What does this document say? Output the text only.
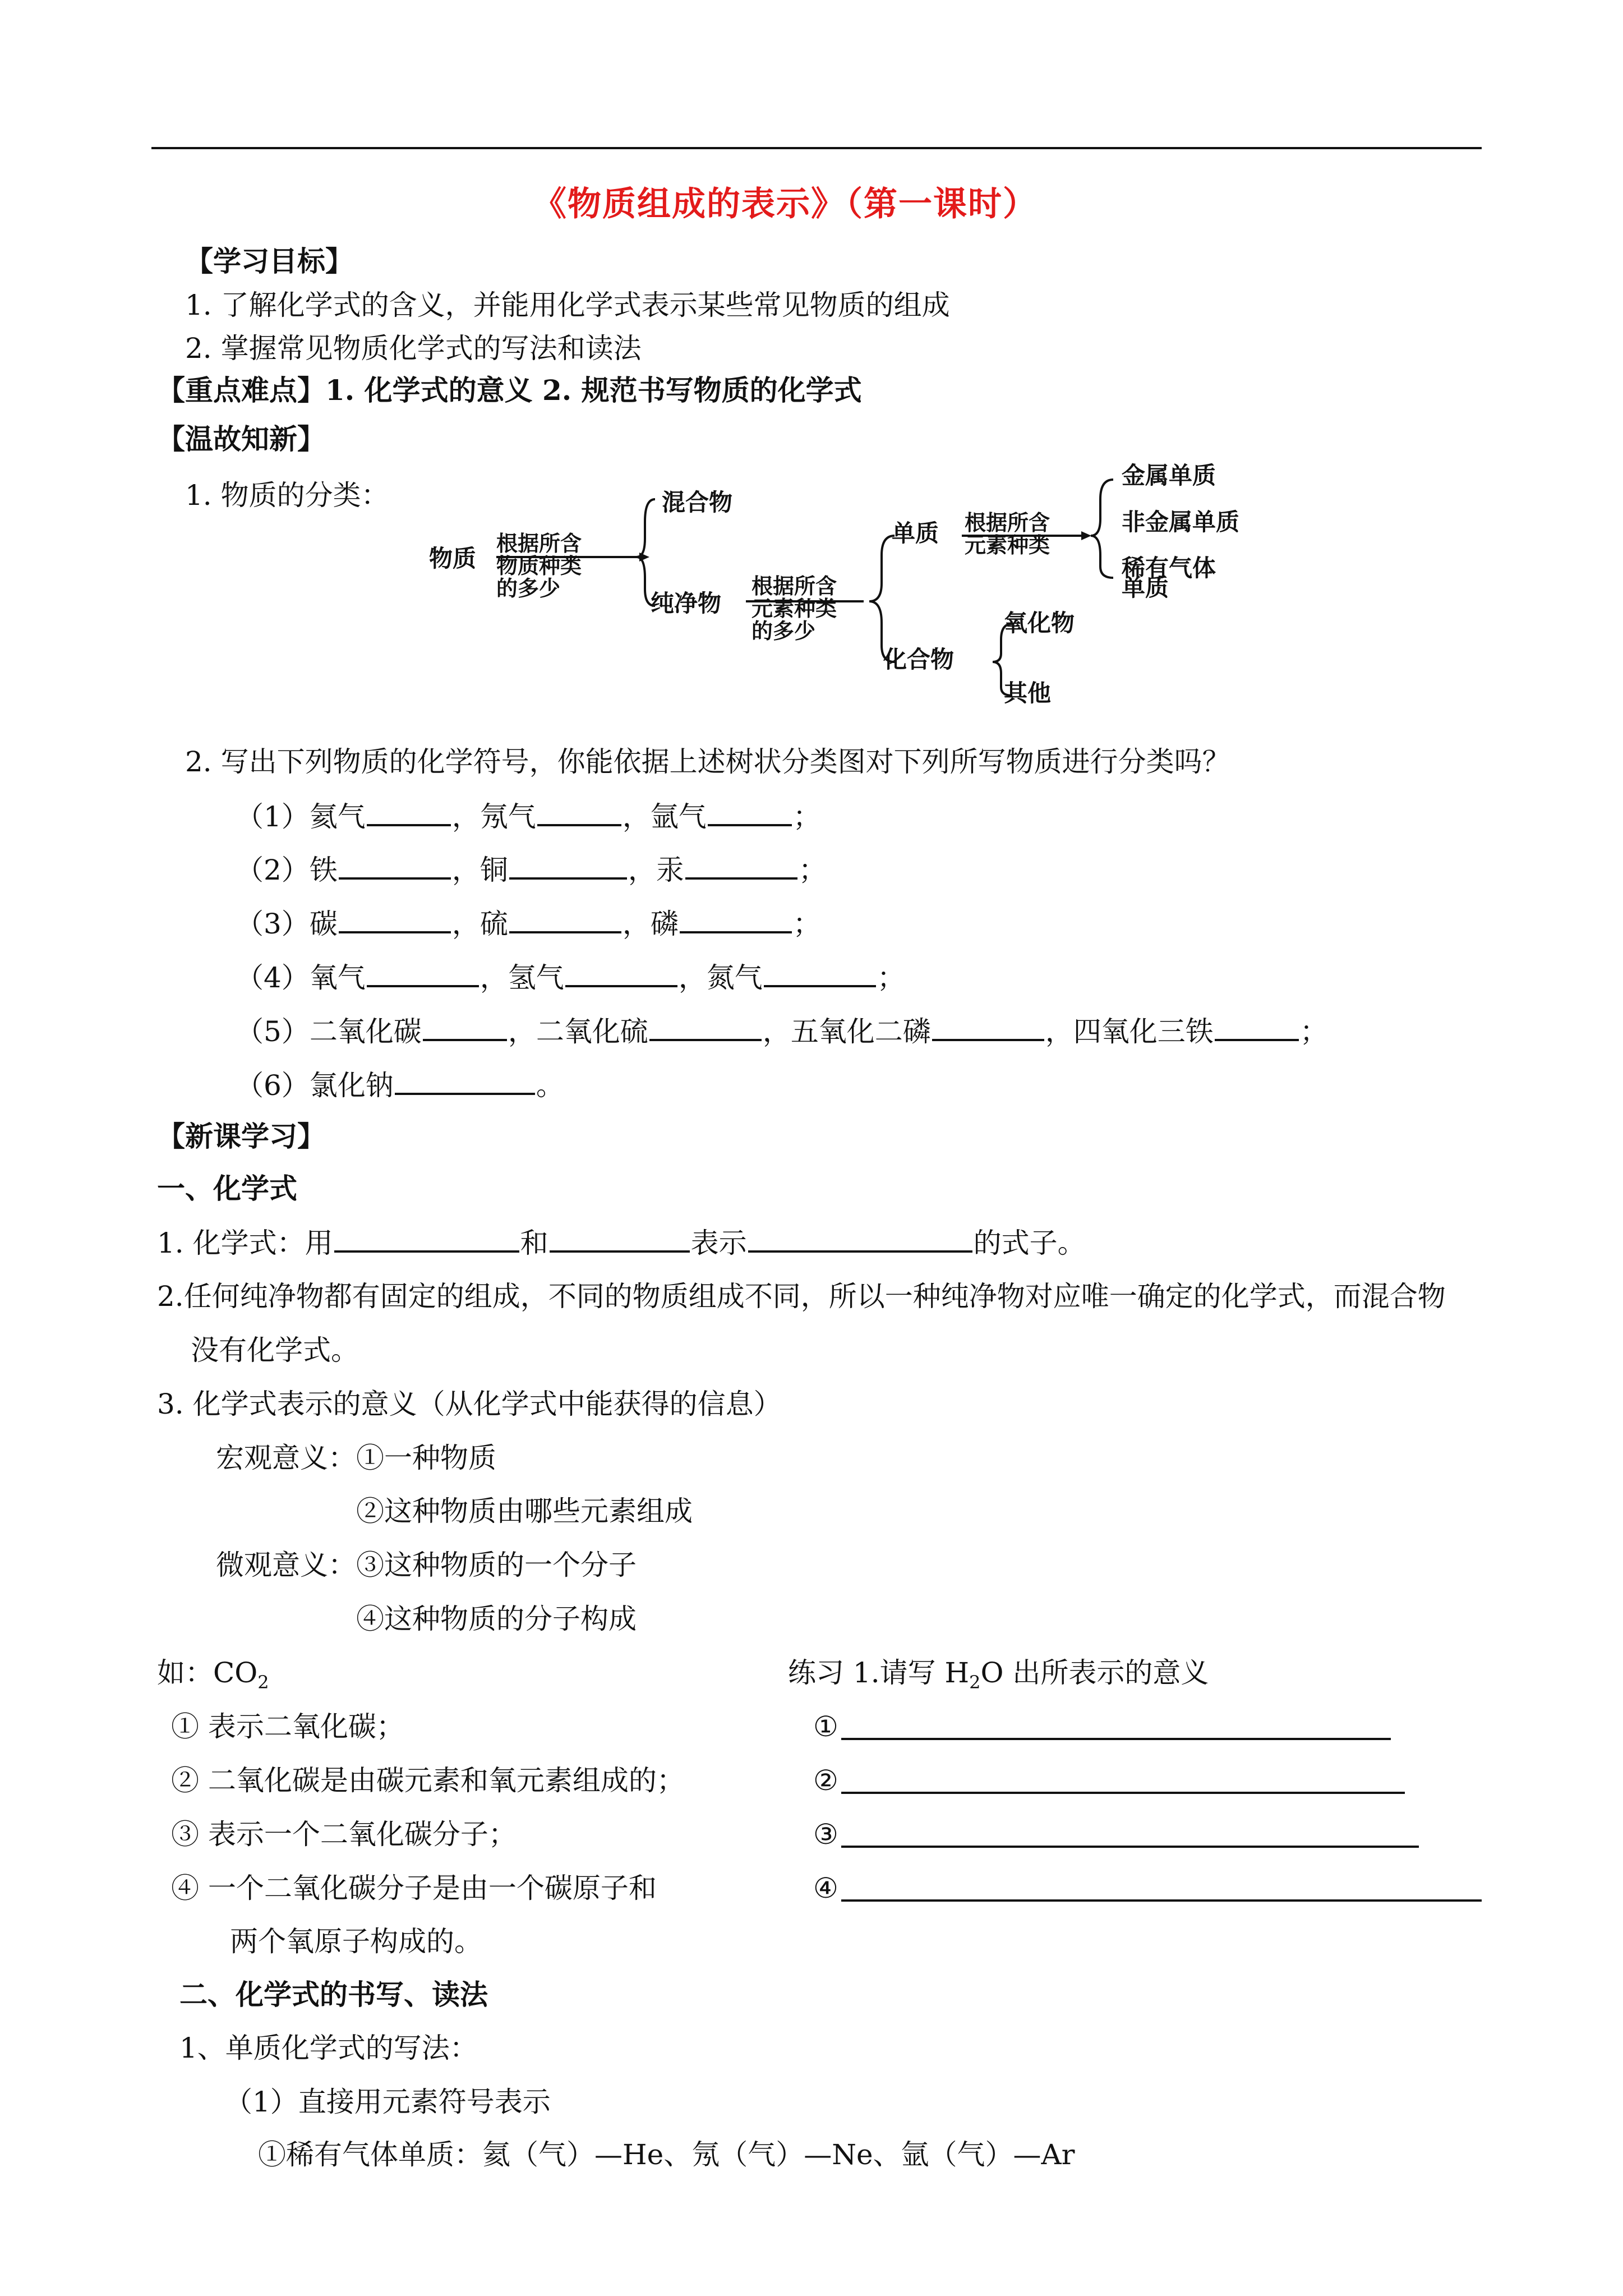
《物质组成的表示》（第一课时）
【学习目标】
1. 了解化学式的含义，并能用化学式表示某些常见物质的组成
2. 掌握常见物质化学式的写法和读法
【重点难点】1. 化学式的意义 2. 规范书写物质的化学式
【温故知新】
1. 物质的分类：
物质
根据所含
物质种类
的多少
混合物
纯净物
根据所含
元素种类
的多少
单质
化合物
根据所含
元素种类
金属单质
非金属单质
稀有气体
单质
氧化物
其他
2. 写出下列物质的化学符号，你能依据上述树状分类图对下列所写物质进行分类吗？
（1）氦气	，氖气	，氩气	；
（2）铁	，铜	，汞	；
（3）碳	，硫	，磷	；
（4）氧气	，氢气	，氮气	；
（5）二氧化碳	，二氧化硫	，五氧化二磷	，四氧化三铁	；
（6）氯化钠	。
【新课学习】
一、化学式
1. 化学式：用	和	表示	的式子。
2.任何纯净物都有固定的组成，不同的物质组成不同，所以一种纯净物对应唯一确定的化学式，而混合物
没有化学式。
3. 化学式表示的意义（从化学式中能获得的信息）
宏观意义： ①一种物质
②这种物质由哪些元素组成
微观意义： ③这种物质的一个分子
④这种物质的分子构成
如：$CO_2$
① 表示二氧化碳；
② 二氧化碳是由碳元素和氧元素组成的；
③ 表示一个二氧化碳分子；
④ 一个二氧化碳分子是由一个碳原子和
两个氧原子构成的。
练习 1.请写 $H_2O$ 出所表示的意义
①
②
③
④
二、化学式的书写、读法
1、单质化学式的写法：
（1）直接用元素符号表示
①稀有气体单质：氦（气）—He、氖（气）—Ne、氩（气）—Ar
